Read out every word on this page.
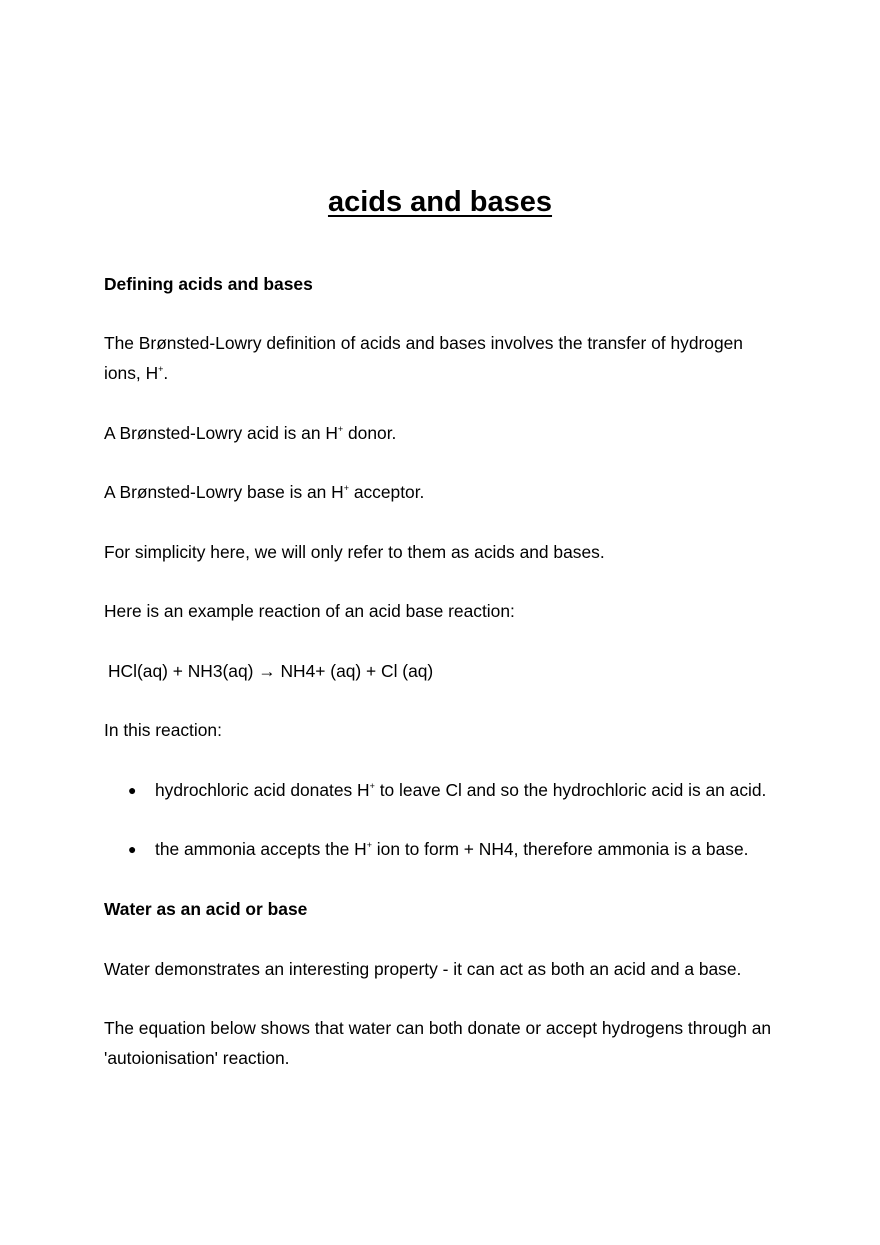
acids and bases

Defining acids and bases

The Brønsted-Lowry definition of acids and bases involves the transfer of hydrogen ions, H+.

A Brønsted-Lowry acid is an H+ donor.

A Brønsted-Lowry base is an H+ acceptor.

For simplicity here, we will only refer to them as acids and bases.

Here is an example reaction of an acid base reaction:

HCl(aq) + NH3(aq) → NH4+ (aq) + Cl (aq)

In this reaction:

● hydrochloric acid donates H+ to leave Cl and so the hydrochloric acid is an acid.
● the ammonia accepts the H+ ion to form + NH4, therefore ammonia is a base.

Water as an acid or base

Water demonstrates an interesting property - it can act as both an acid and a base.

The equation below shows that water can both donate or accept hydrogens through an 'autoionisation' reaction.
